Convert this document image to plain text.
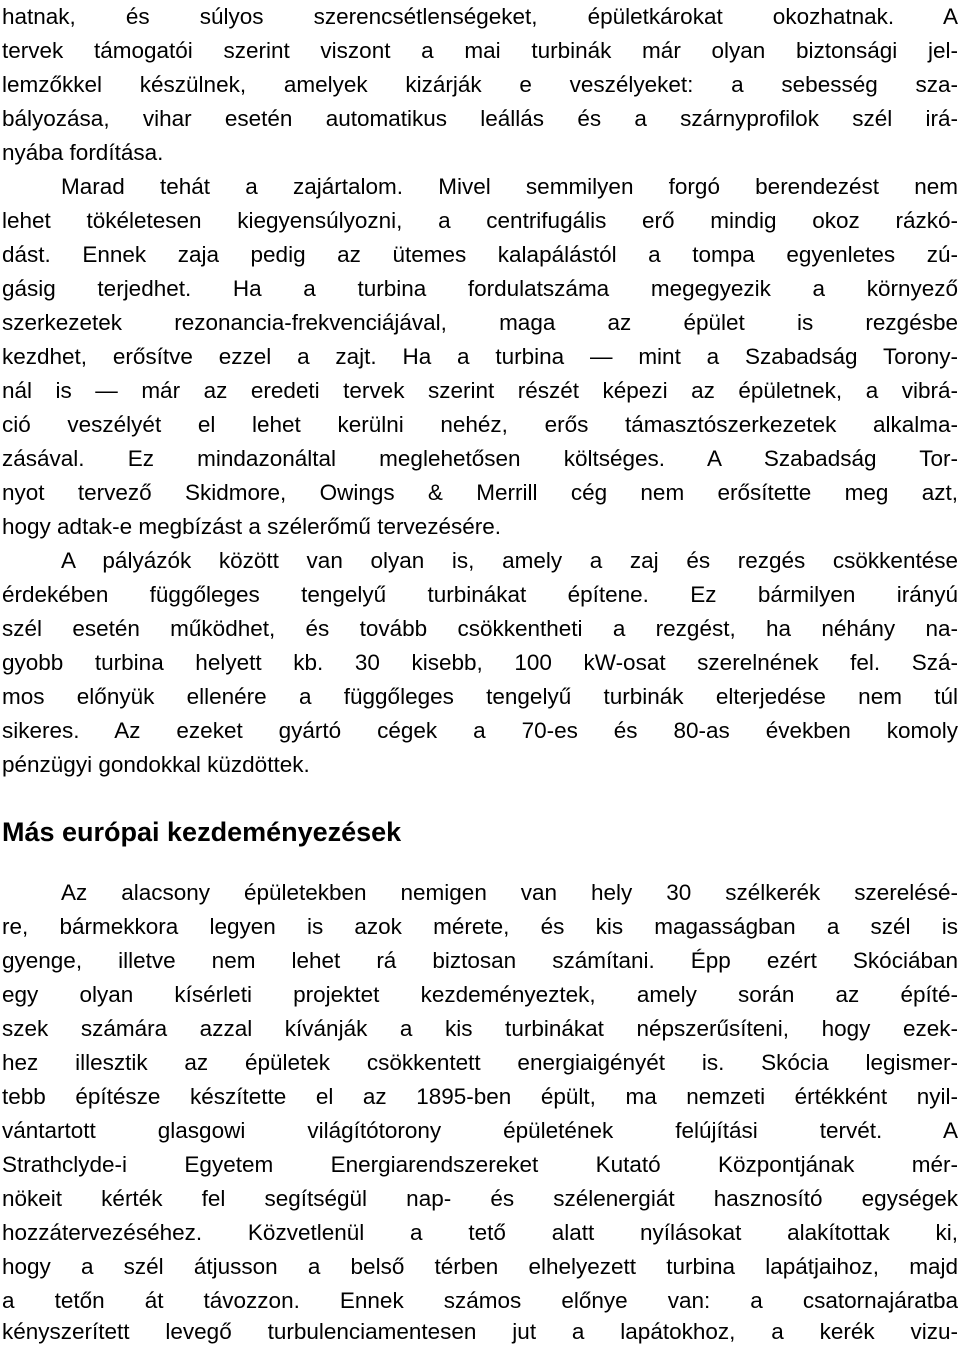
hatnak, és súlyos szerencsétlenségeket, épületkárokat okozhatnak. A

tervek támogatói szerint viszont a mai turbinák már olyan biztonsági jel-

lemzőkkel készülnek, amelyek kizárják e veszélyeket: a sebesség sza-

bályozása, vihar esetén automatikus leállás és a szárnyprofilok szél irá-

nyába fordítása.

Marad tehát a zajártalom. Mivel semmilyen forgó berendezést nem

lehet tökéletesen kiegyensúlyozni, a centrifugális erő mindig okoz rázkó-

dást. Ennek zaja pedig az ütemes kalapálástól a tompa egyenletes zú-

gásig terjedhet. Ha a turbina fordulatszáma megegyezik a környező

szerkezetek rezonancia-frekvenciájával, maga az épület is rezgésbe

kezdhet, erősítve ezzel a zajt. Ha a turbina — mint a Szabadság Torony-

nál is — már az eredeti tervek szerint részét képezi az épületnek, a vibrá-

ció veszélyét el lehet kerülni nehéz, erős támasztószerkezetek alkalma-

zásával. Ez mindazonáltal meglehetősen költséges. A Szabadság Tor-

nyot tervező Skidmore, Owings & Merrill cég nem erősítette meg azt,

hogy adtak-e megbízást a szélerőmű tervezésére.

A pályázók között van olyan is, amely a zaj és rezgés csökkentése

érdekében függőleges tengelyű turbinákat építene. Ez bármilyen irányú

szél esetén működhet, és tovább csökkentheti a rezgést, ha néhány na-

gyobb turbina helyett kb. 30 kisebb, 100 kW-osat szerelnének fel. Szá-

mos előnyük ellenére a függőleges tengelyű turbinák elterjedése nem túl

sikeres. Az ezeket gyártó cégek a 70-es és 80-as években komoly

pénzügyi gondokkal küzdöttek.

Más európai kezdeményezések

Az alacsony épületekben nemigen van hely 30 szélkerék szerelésé-

re, bármekkora legyen is azok mérete, és kis magasságban a szél is

gyenge, illetve nem lehet rá biztosan számítani. Épp ezért Skóciában

egy olyan kísérleti projektet kezdeményeztek, amely során az építé-

szek számára azzal kívánják a kis turbinákat népszerűsíteni, hogy ezek-

hez illesztik az épületek csökkentett energiaigényét is. Skócia legismer-

tebb építésze készítette el az 1895-ben épült, ma nemzeti értékként nyil-

vántartott glasgowi világítótorony épületének felújítási tervét. A

Strathclyde-i Egyetem Energiarendszereket Kutató Központjának mér-

nökeit kérték fel segítségül nap- és szélenergiát hasznosító egységek

hozzátervezéséhez. Közvetlenül a tető alatt nyílásokat alakítottak ki,

hogy a szél átjusson a belső térben elhelyezett turbina lapátjaihoz, majd

a tetőn át távozzon. Ennek számos előnye van: a csatornajáratba

kényszerített levegő turbulenciamentesen jut a lapátokhoz, a kerék vizu-
